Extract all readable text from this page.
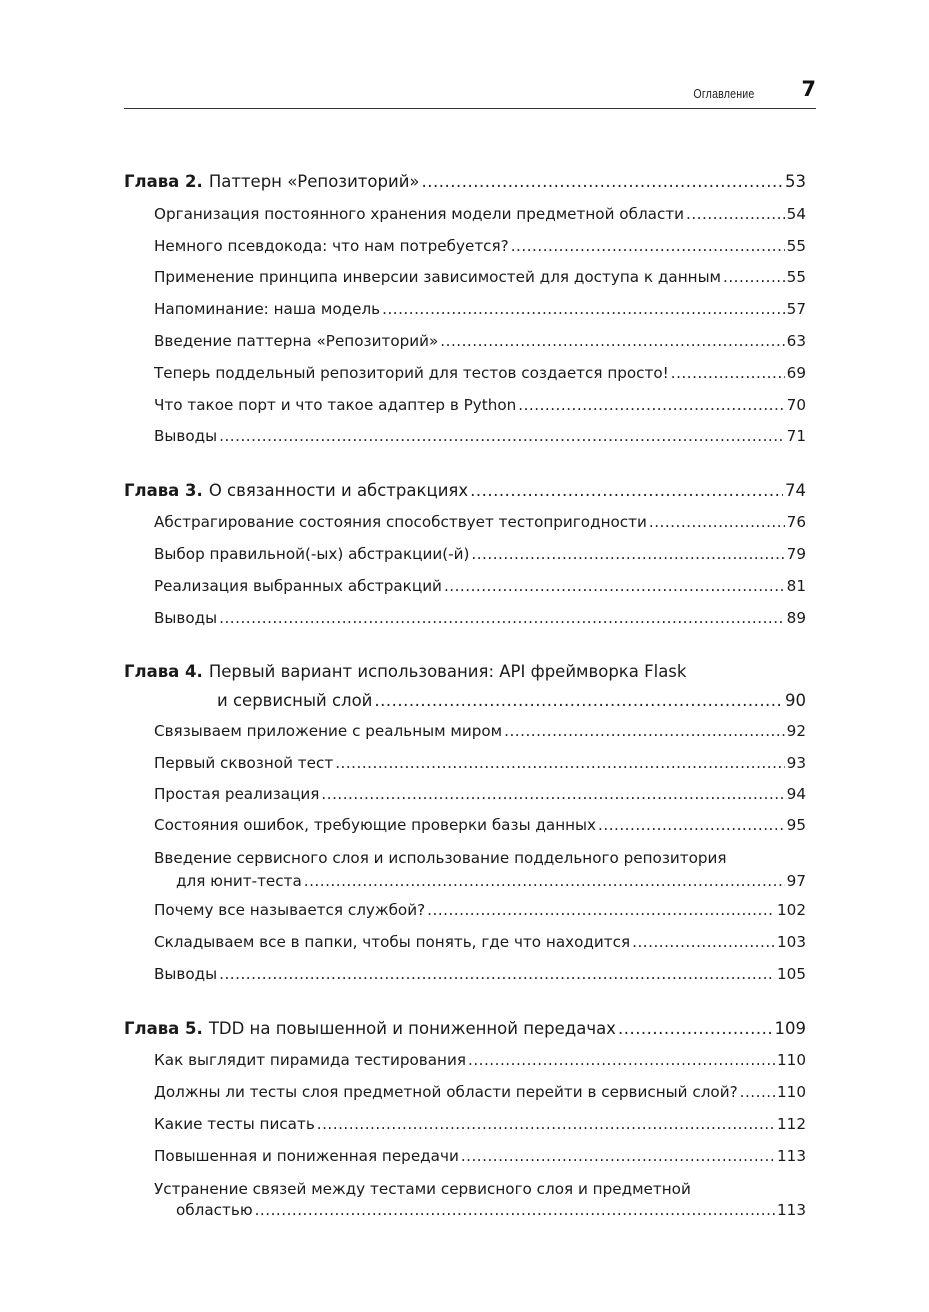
Оглавление 7
Глава 2. Паттерн «Репозиторий» .....	53
Организация постоянного хранения модели предметной области .....	54
Немного псевдокода: что нам потребуется? .....	55
Применение принципа инверсии зависимостей для доступа к данным .....	55
Напоминание: наша модель .....	57
Введение паттерна «Репозиторий» .....	63
Теперь поддельный репозиторий для тестов создается просто! .....	69
Что такое порт и что такое адаптер в Python .....	70
Выводы .....	71
Глава 3. О связанности и абстракциях .....	74
Абстрагирование состояния способствует тестопригодности .....	76
Выбор правильной(-ых) абстракции(-й) .....	79
Реализация выбранных абстракций .....	81
Выводы .....	89
Глава 4. Первый вариант использования: API фреймворка Flask
и сервисный слой .....	90
Связываем приложение с реальным миром .....	92
Первый сквозной тест .....	93
Простая реализация .....	94
Состояния ошибок, требующие проверки базы данных .....	95
Введение сервисного слоя и использование поддельного репозитория
для юнит-теста .....	97
Почему все называется службой? .....	102
Складываем все в папки, чтобы понять, где что находится .....	103
Выводы .....	105
Глава 5. TDD на повышенной и пониженной передачах .....	109
Как выглядит пирамида тестирования .....	110
Должны ли тесты слоя предметной области перейти в сервисный слой? .....	110
Какие тесты писать .....	112
Повышенная и пониженная передачи .....	113
Устранение связей между тестами сервисного слоя и предметной
областью .....	113
